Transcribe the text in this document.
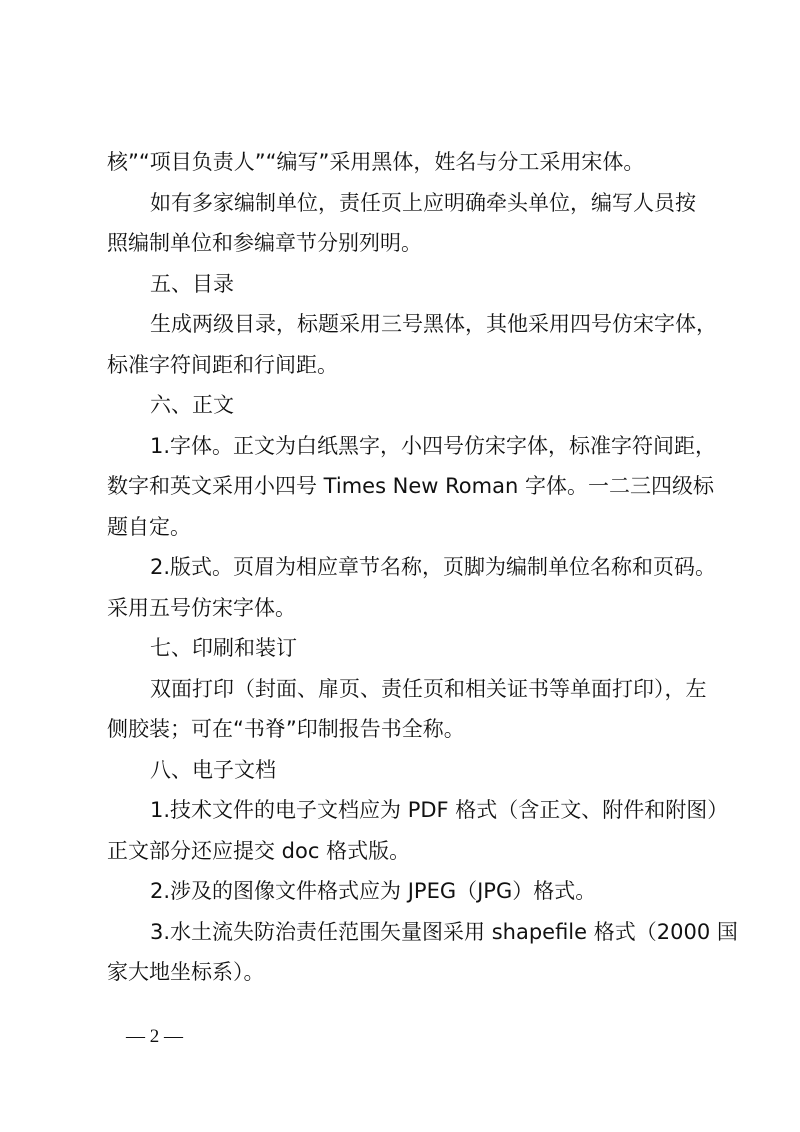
核”“项目负责人”“编写”采用黑体，姓名与分工采用宋体。

如有多家编制单位，责任页上应明确牵头单位，编写人员按

照编制单位和参编章节分别列明。

五、目录

生成两级目录，标题采用三号黑体，其他采用四号仿宋字体，

标准字符间距和行间距。

六、正文

1.字体。正文为白纸黑字，小四号仿宋字体，标准字符间距，

数字和英文采用小四号 Times New Roman 字体。一二三四级标

题自定。

2.版式。页眉为相应章节名称，页脚为编制单位名称和页码。

采用五号仿宋字体。

七、印刷和装订

双面打印（封面、扉页、责任页和相关证书等单面打印），左

侧胶装；可在“书脊”印制报告书全称。

八、电子文档

1.技术文件的电子文档应为 PDF 格式（含正文、附件和附图）

正文部分还应提交 doc 格式版。

2.涉及的图像文件格式应为 JPEG（JPG）格式。

3.水土流失防治责任范围矢量图采用 shapefile 格式（2000 国

家大地坐标系）。

— 2 —
